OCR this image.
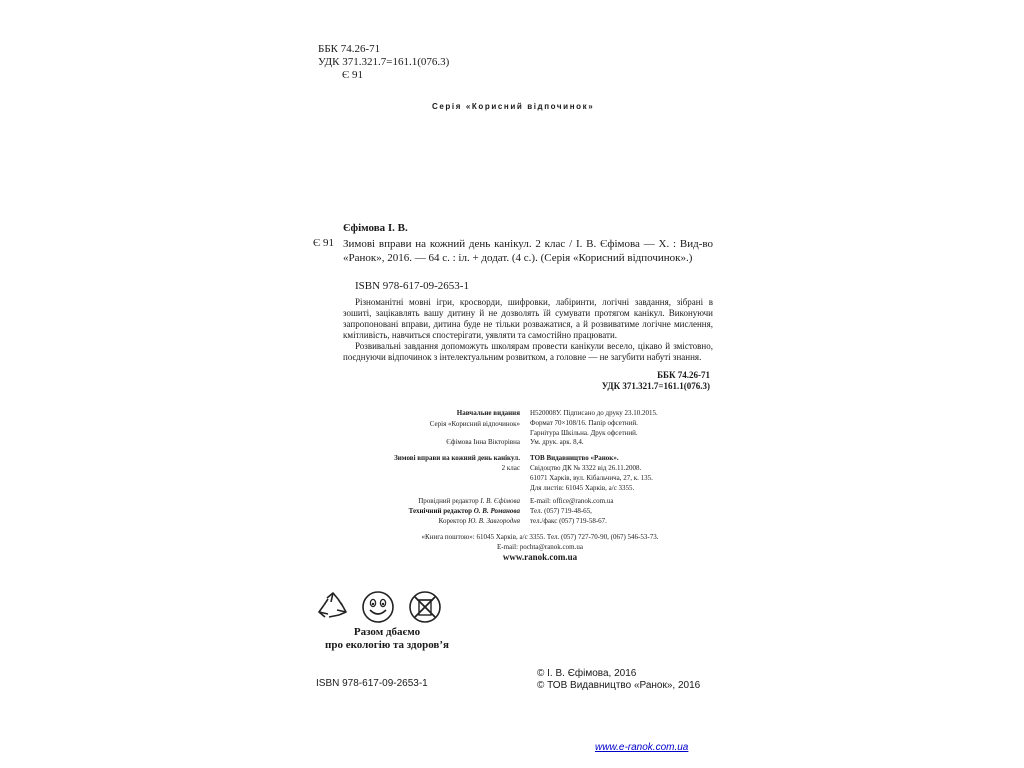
ББК 74.26-71
УДК 371.321.7=161.1(076.3)
Є 91
Серія «Корисний відпочинок»
Єфімова І. В.
Є 91 Зимові вправи на кожний день канікул. 2 клас / І. В. Єфімова — Х. : Вид-во «Ранок», 2016. — 64 с. : іл. + додат. (4 с.). (Серія «Корисний відпочинок».)
ISBN 978-617-09-2653-1

Різноманітні мовні ігри, кросворди, шифровки, лабіринти, логічні завдання, зібрані в зошиті, зацікавлять вашу дитину й не дозволять їй сумувати протягом канікул. Виконуючи запропоновані вправи, дитина буде не тільки розважатися, а й розвиватиме логічне мислення, кмітливість, навчиться спостерігати, уявляти та самостійно працювати.

Розвивальні завдання допоможуть школярам провести канікули весело, цікаво й змістовно, поєднуючи відпочинок з інтелектуальним розвитком, а головне — не загубити набуті знання.

ББК 74.26-71
УДК 371.321.7=161.1(076.3)
Навчальне видання
Серія «Корисний відпочинок»
Єфімова Інна Вікторівна
Зимові вправи на кожний день канікул.
2 клас
Провідний редактор І. В. Єфімова
Технічний редактор О. В. Романова
Коректор Ю. В. Завгородня
Н520008У. Підписано до друку 23.10.2015.
Формат 70×108/16. Папір офсетний.
Гарнітура Шкільна. Друк офсетний.
Ум. друк. арк. 8,4.
ТОВ Видавництво «Ранок».
Свідоцтво ДК № 3322 від 26.11.2008.
61071 Харків, вул. Кібальчича, 27, к. 135.
Для листів: 61045 Харків, а/с 3355.
E-mail: office@ranok.com.ua
Тел. (057) 719-48-65,
тел./факс (057) 719-58-67.
«Книга поштою»: 61045 Харків, а/с 3355. Тел. (057) 727-70-90, (067) 546-53-73.
E-mail: pochta@ranok.com.ua
www.ranok.com.ua
Разом дбаємо
про екологію та здоров’я
ISBN 978-617-09-2653-1
© І. В. Єфімова, 2016
© ТОВ Видавництво «Ранок», 2016
www.e-ranok.com.ua
